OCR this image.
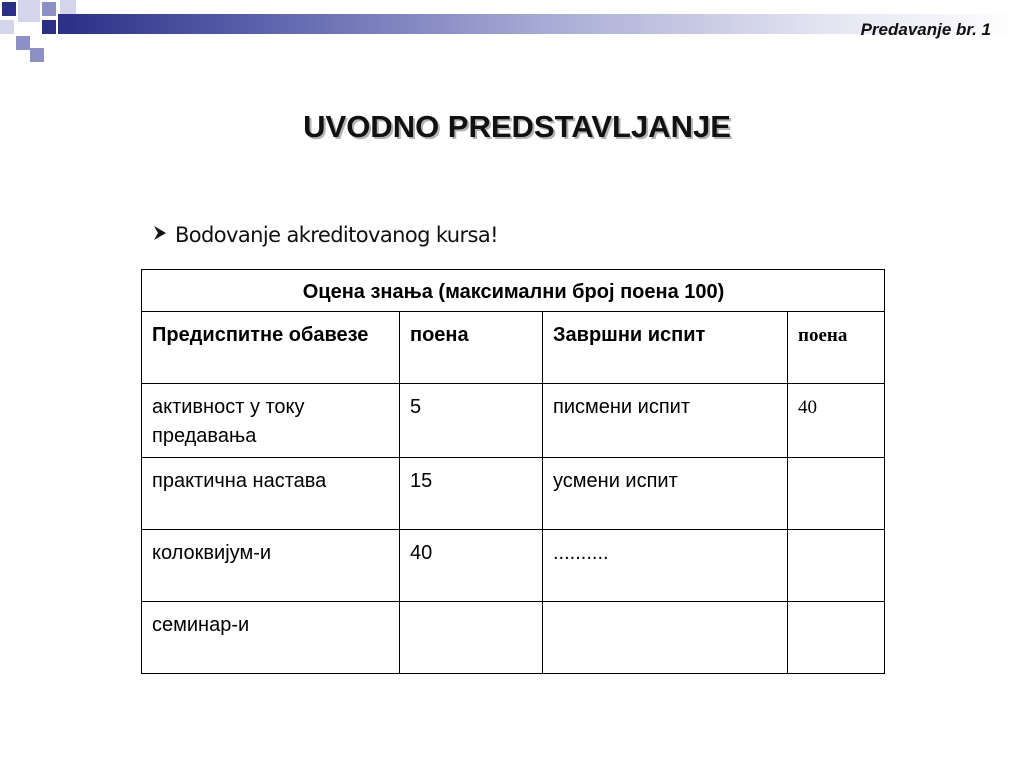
Predavanje br. 1
UVODNO PREDSTAVLJANJE
Bodovanje akreditovanog kursa!
Оцена знања (максимални број поена 100)			
Предиспитне обавезе	поена	Завршни испит	поена
активност у току предавања	5	писмени испит	40
практична настава	15	усмени испит	
колоквијум-и	40	..........	
семинар-и			
